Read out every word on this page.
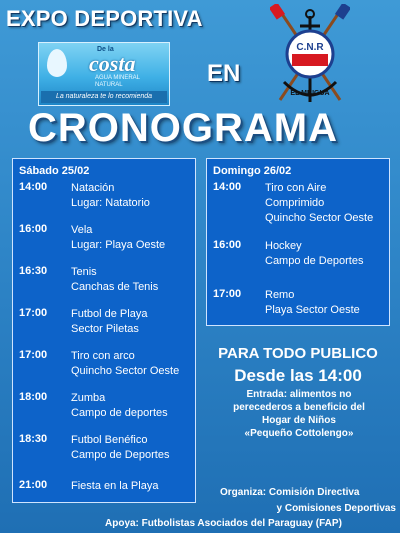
EXPO DEPORTIVA
De la
costa
AGUA MINERAL
NATURAL
La naturaleza te lo recomienda
EN
C.N.R
EL MBIGUÁ
CRONOGRAMA
Sábado 25/02
14:00	Natación
Lugar: Natatorio
16:00	Vela
Lugar: Playa Oeste
16:30	Tenis
Canchas de Tenis
17:00	Futbol de Playa
Sector Piletas
17:00	Tiro con arco
Quincho Sector Oeste
18:00	Zumba
Campo de deportes
18:30	Futbol Benéfico
Campo de Deportes
21:00	Fiesta en la Playa
Domingo 26/02
14:00	Tiro con Aire
Comprimido
Quincho Sector Oeste
16:00	Hockey
Campo de Deportes
17:00	Remo
Playa Sector Oeste
PARA TODO PUBLICO
Desde las 14:00
Entrada: alimentos no
perecederos a beneficio del
Hogar de Niños
«Pequeño Cottolengo»
Organiza: Comisión Directiva
y Comisiones Deportivas
Apoya: Futbolistas Asociados del Paraguay (FAP)
